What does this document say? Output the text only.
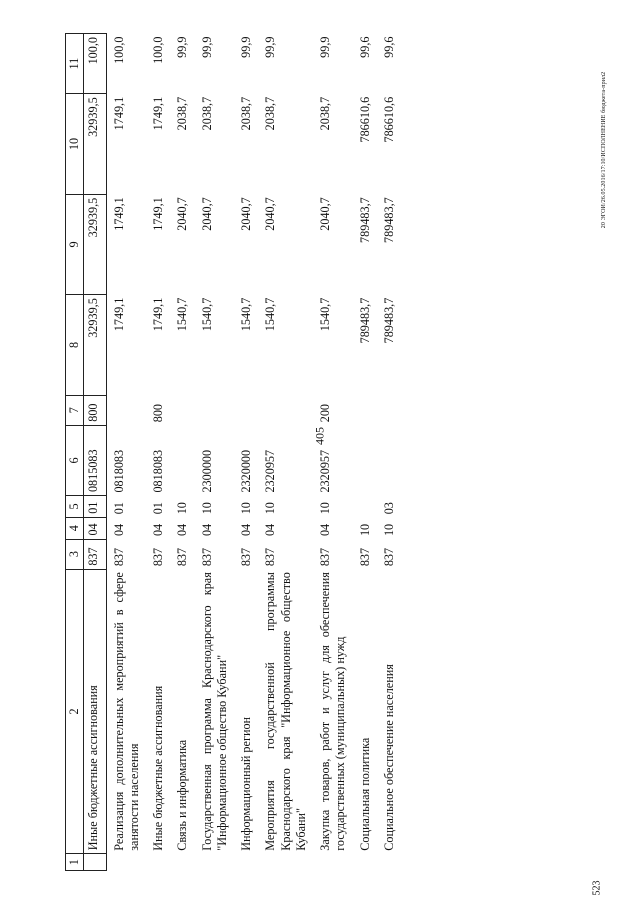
405
20 ЭГОИ/26.05.2016/17:10/ИСПОЛНЕНИЕ бюджета-прил2
523
1	2	3	4	5	6	7	8	9	10	11
	Иные бюджетные ассигнования	837	04	01	0815083	800	32939,5	32939,5	32939,5	100,0
	Реализация дополнительных мероприятий в сфере занятости населения	837	04	01	0818083		1749,1	1749,1	1749,1	100,0
	Иные бюджетные ассигнования	837	04	01	0818083	800	1749,1	1749,1	1749,1	100,0
	Связь и информатика	837	04	10			1540,7	2040,7	2038,7	99,9
	Государственная программа Краснодарского края "Информационное общество Кубани"	837	04	10	2300000		1540,7	2040,7	2038,7	99,9
	Информационный регион	837	04	10	2320000		1540,7	2040,7	2038,7	99,9
	Мероприятия государственной программы Краснодарского края "Информационное общество Кубани"	837	04	10	2320957		1540,7	2040,7	2038,7	99,9
	Закупка товаров, работ и услуг для обеспечения государственных (муниципальных) нужд	837	04	10	2320957	200	1540,7	2040,7	2038,7	99,9
	Социальная политика	837	10				789483,7	789483,7	786610,6	99,6
	Социальное обеспечение населения	837	10	03			789483,7	789483,7	786610,6	99,6
